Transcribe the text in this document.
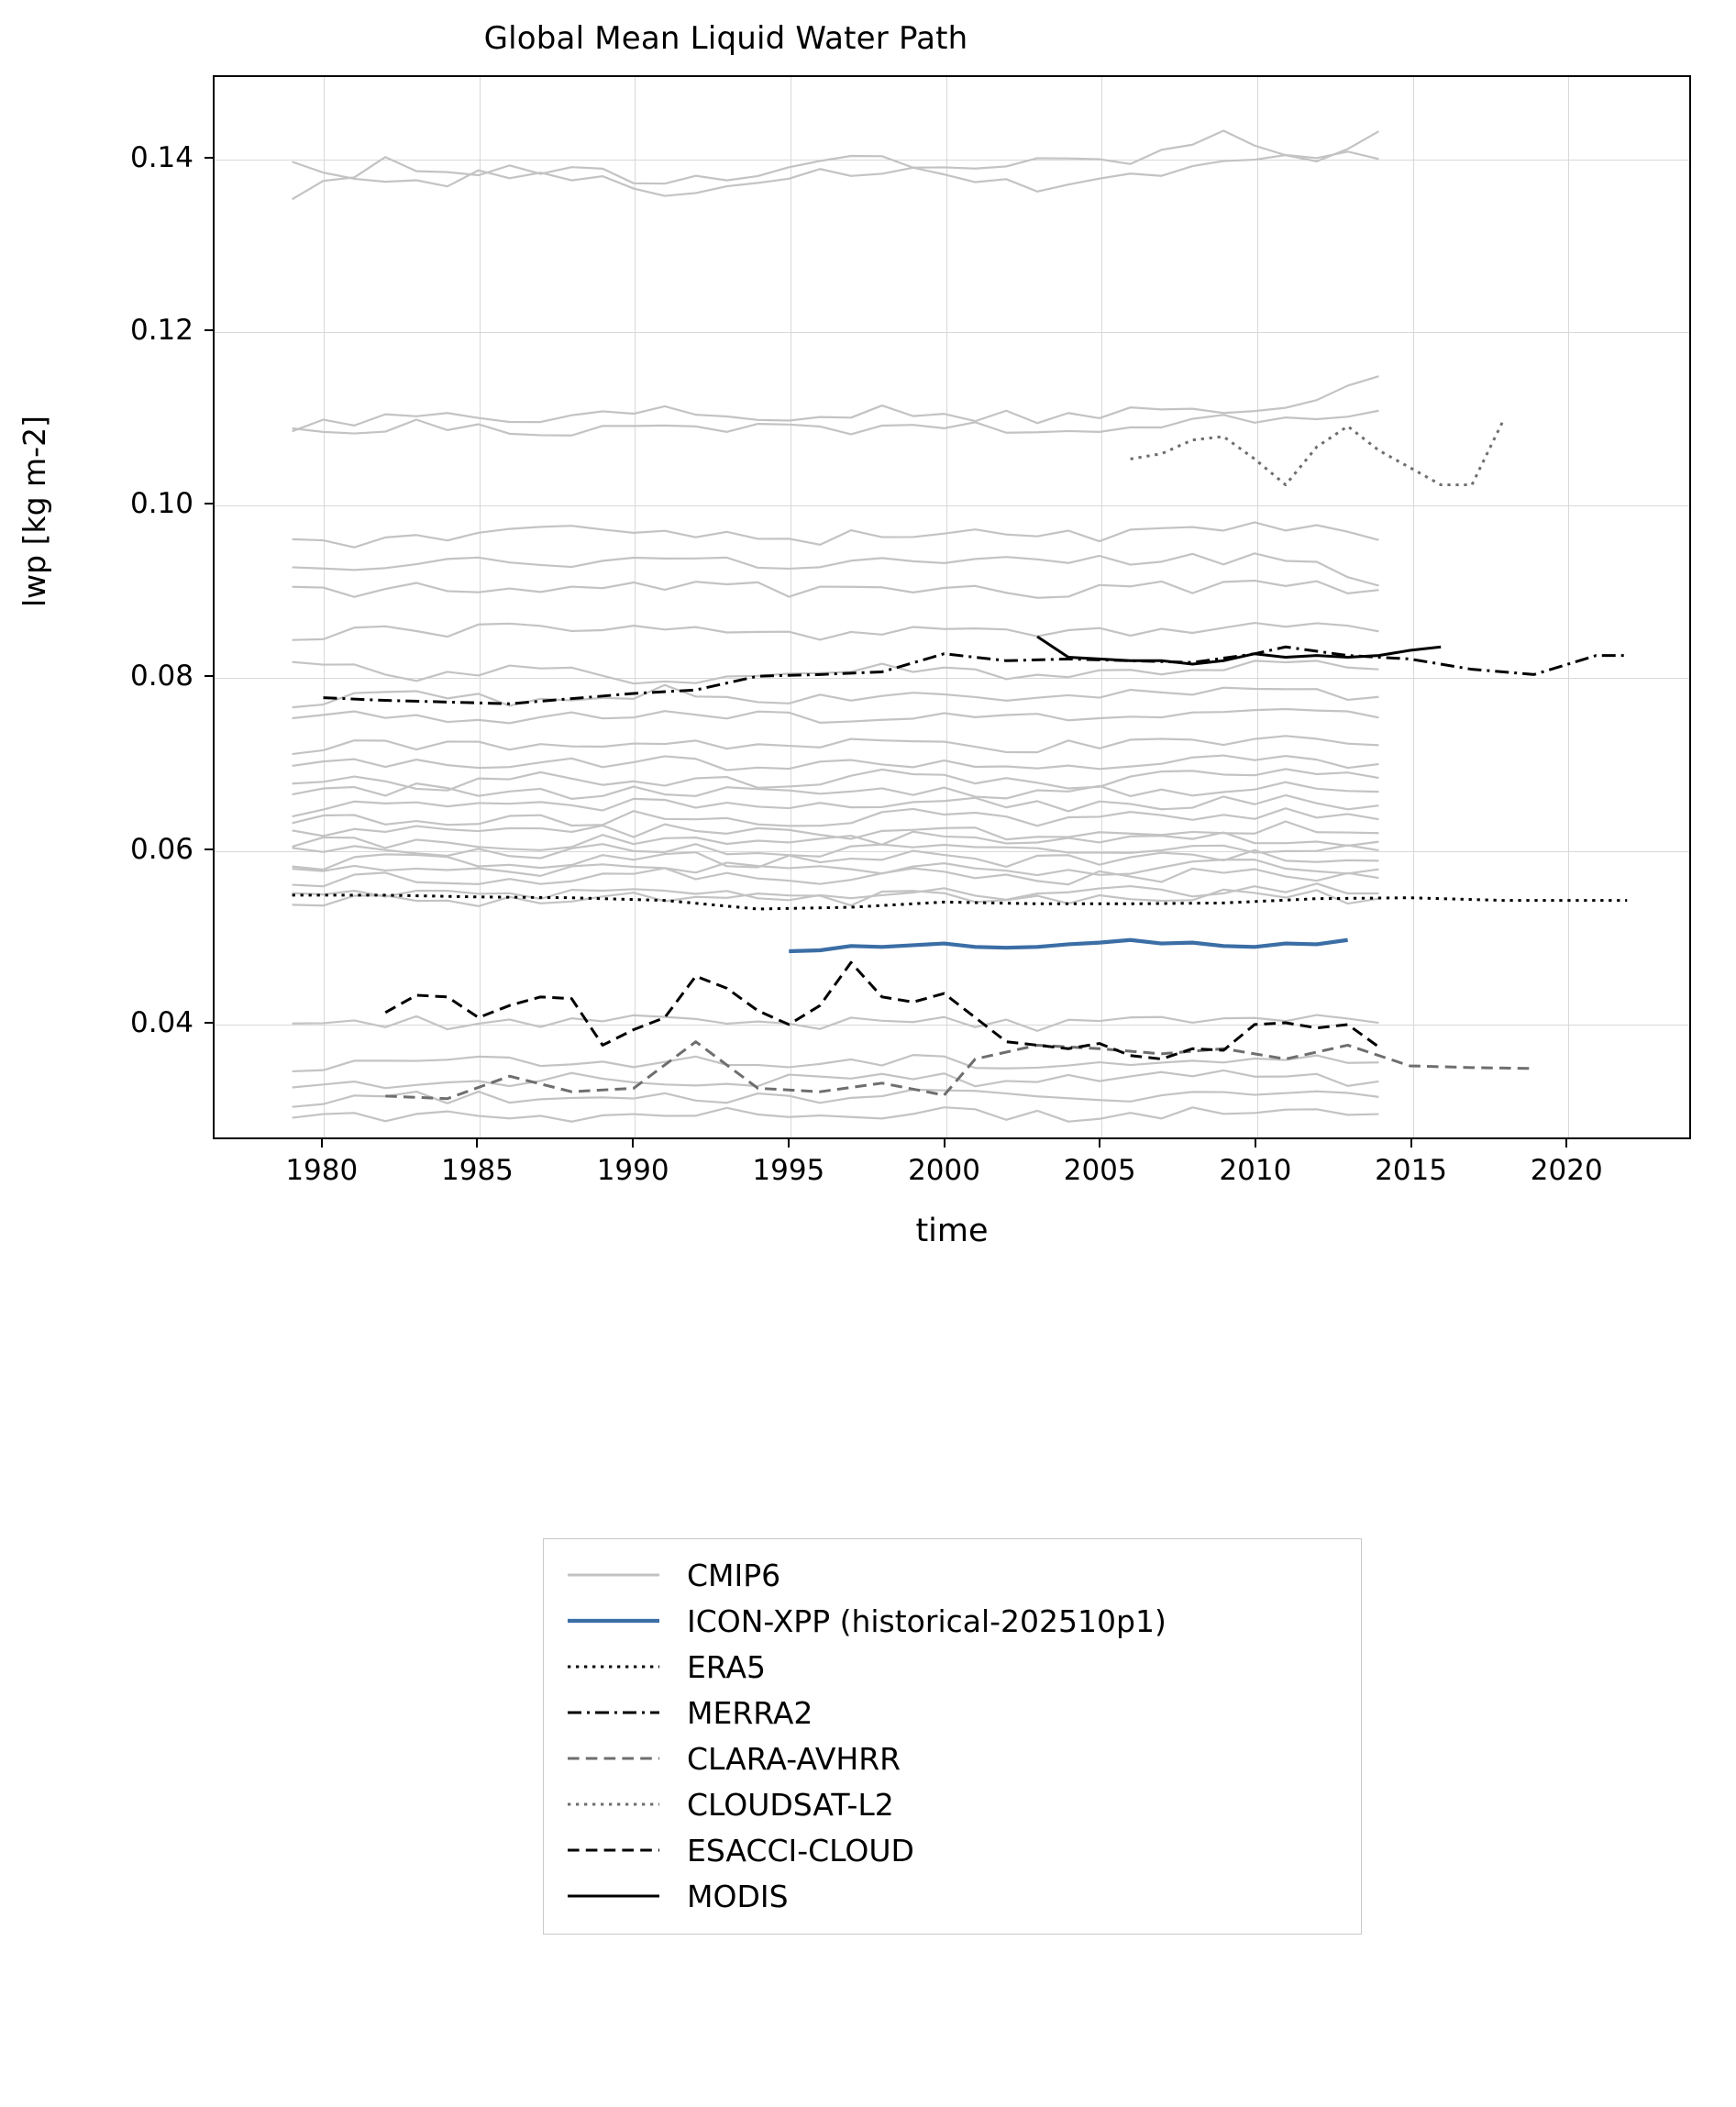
Global Mean Liquid Water Path
lwp [kg m-2]
time
0.04
0.06
0.08
0.10
0.12
0.14
1980	1985	1990	1995	2000	2005	2010	2015	2020
CMIP6
ICON-XPP (historical-202510p1)
ERA5
MERRA2
CLARA-AVHRR
CLOUDSAT-L2
ESACCI-CLOUD
MODIS
